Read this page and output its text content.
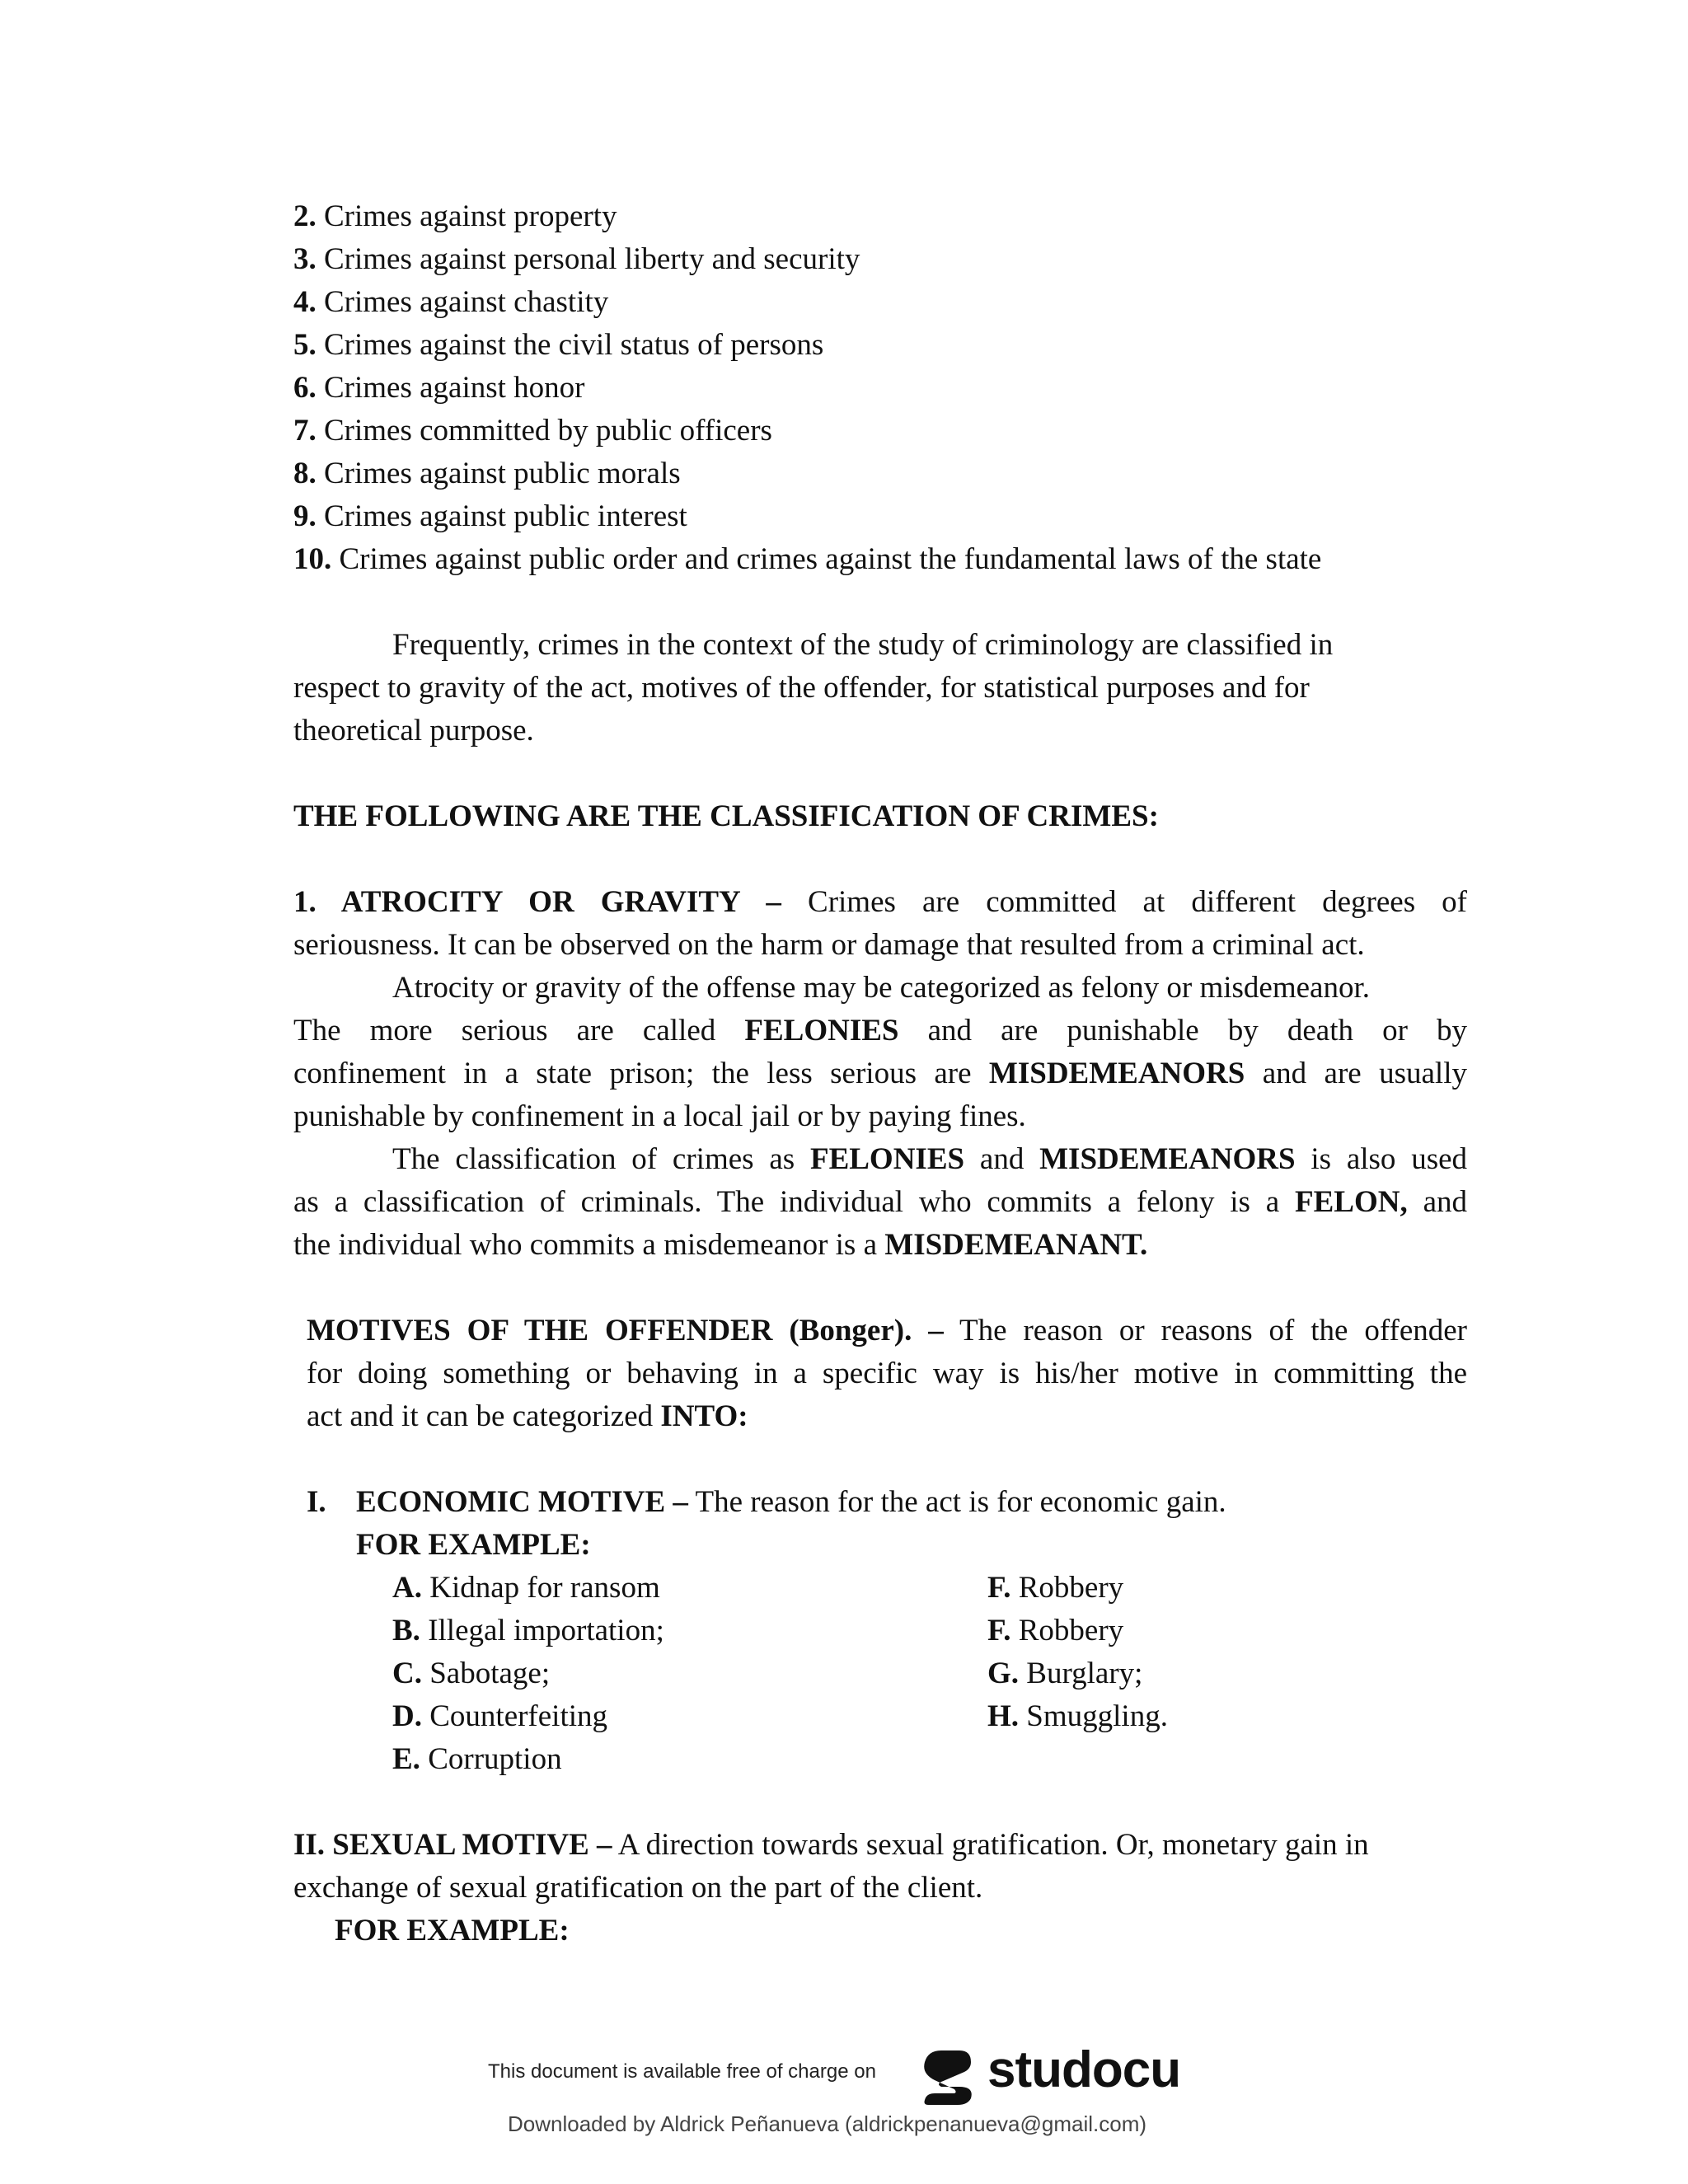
2. Crimes against property
3. Crimes against personal liberty and security
4. Crimes against chastity
5. Crimes against the civil status of persons
6. Crimes against honor
7. Crimes committed by public officers
8. Crimes against public morals
9. Crimes against public interest
10. Crimes against public order and crimes against the fundamental laws of the state
Frequently, crimes in the context of the study of criminology are classified in
respect to gravity of the act, motives of the offender, for statistical purposes and for
theoretical purpose.
THE FOLLOWING ARE THE CLASSIFICATION OF CRIMES:
1. ATROCITY OR GRAVITY – Crimes are committed at different degrees of
seriousness. It can be observed on the harm or damage that resulted from a criminal act.
Atrocity or gravity of the offense may be categorized as felony or misdemeanor.
The more serious are called FELONIES and are punishable by death or by
confinement in a state prison; the less serious are MISDEMEANORS and are usually
punishable by confinement in a local jail or by paying fines.
The classification of crimes as FELONIES and MISDEMEANORS is also used
as a classification of criminals. The individual who commits a felony is a FELON, and
the individual who commits a misdemeanor is a MISDEMEANANT.
MOTIVES OF THE OFFENDER (Bonger). – The reason or reasons of the offender
for doing something or behaving in a specific way is his/her motive in committing the
act and it can be categorized INTO:
I. ECONOMIC MOTIVE – The reason for the act is for economic gain.
FOR EXAMPLE:
A. Kidnap for ransom
B. Illegal importation;
C. Sabotage;
D. Counterfeiting
E. Corruption
F. Robbery
F. Robbery
G. Burglary;
H. Smuggling.
II. SEXUAL MOTIVE – A direction towards sexual gratification. Or, monetary gain in
exchange of sexual gratification on the part of the client.
FOR EXAMPLE:
This document is available free of charge on studocu
Downloaded by Aldrick Peñanueva (aldrickpenanueva@gmail.com)
